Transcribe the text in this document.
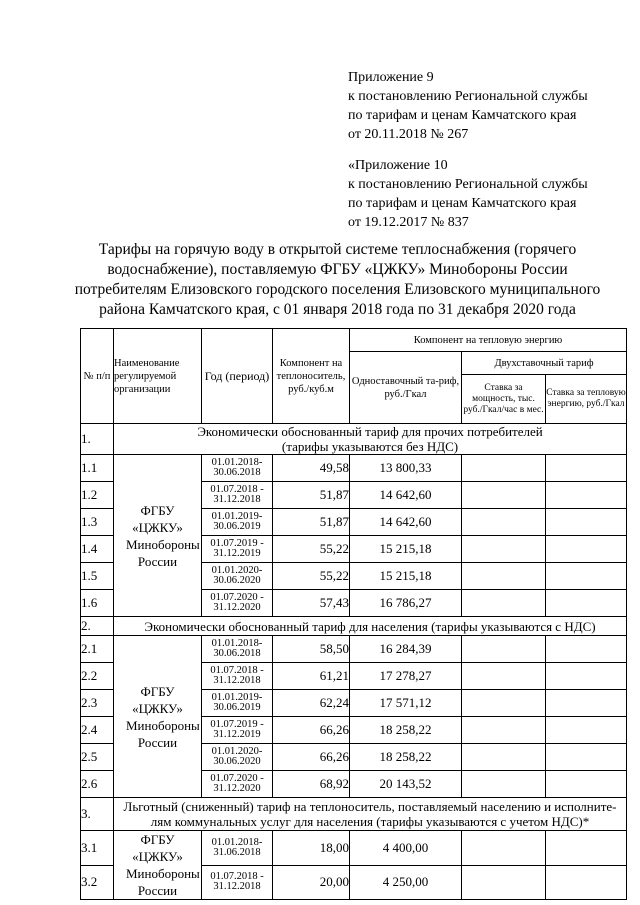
Приложение 9
к постановлению Региональной службы
по тарифам и ценам Камчатского края
от 20.11.2018 № 267
«Приложение 10
к постановлению Региональной службы
по тарифам и ценам Камчатского края
от 19.12.2017 № 837
Тарифы на горячую воду в открытой системе теплоснабжения (горячего
водоснабжение), поставляемую ФГБУ «ЦЖКУ» Минобороны России
потребителям Елизовского городского поселения Елизовского муниципального
района Камчатского края, с 01 января 2018 года по 31 декабря 2020 года
№ п/п	Наименование регулируемой организации	Год (период)	Компонент на теплоноситель, руб./куб.м	Компонент на тепловую энергию		
				Одноставочный та-риф, руб./Гкал	Двухставочный тариф	
					Ставка за мощность, тыс. руб./Гкал/час в мес.	Ставка за тепловую энергию, руб./Гкал
1.	Экономически обоснованный тариф для прочих потребителей (тарифы указываются без НДС)					
1.1	ФГБУ «ЦЖКУ» Минобороны России	01.01.2018-
30.06.2018	49,58	13 800,33		
1.2		01.07.2018 -
31.12.2018	51,87	14 642,60		
1.3		01.01.2019-
30.06.2019	51,87	14 642,60		
1.4		01.07.2019 -
31.12.2019	55,22	15 215,18		
1.5		01.01.2020-
30.06.2020	55,22	15 215,18		
1.6		01.07.2020 -
31.12.2020	57,43	16 786,27		
2.	Экономически обоснованный тариф для населения (тарифы указываются с НДС)					
2.1	ФГБУ «ЦЖКУ» Минобороны России	01.01.2018-
30.06.2018	58,50	16 284,39		
2.2		01.07.2018 -
31.12.2018	61,21	17 278,27		
2.3		01.01.2019-
30.06.2019	62,24	17 571,12		
2.4		01.07.2019 -
31.12.2019	66,26	18 258,22		
2.5		01.01.2020-
30.06.2020	66,26	18 258,22		
2.6		01.07.2020 -
31.12.2020	68,92	20 143,52		
3.	Льготный (сниженный) тариф на теплоноситель, поставляемый населению и исполните-лям коммунальных услуг для населения (тарифы указываются с учетом НДС)*					
3.1	ФГБУ «ЦЖКУ» Минобороны России	01.01.2018-
31.06.2018	18,00	4 400,00		
3.2		01.07.2018 -
31.12.2018	20,00	4 250,00		
